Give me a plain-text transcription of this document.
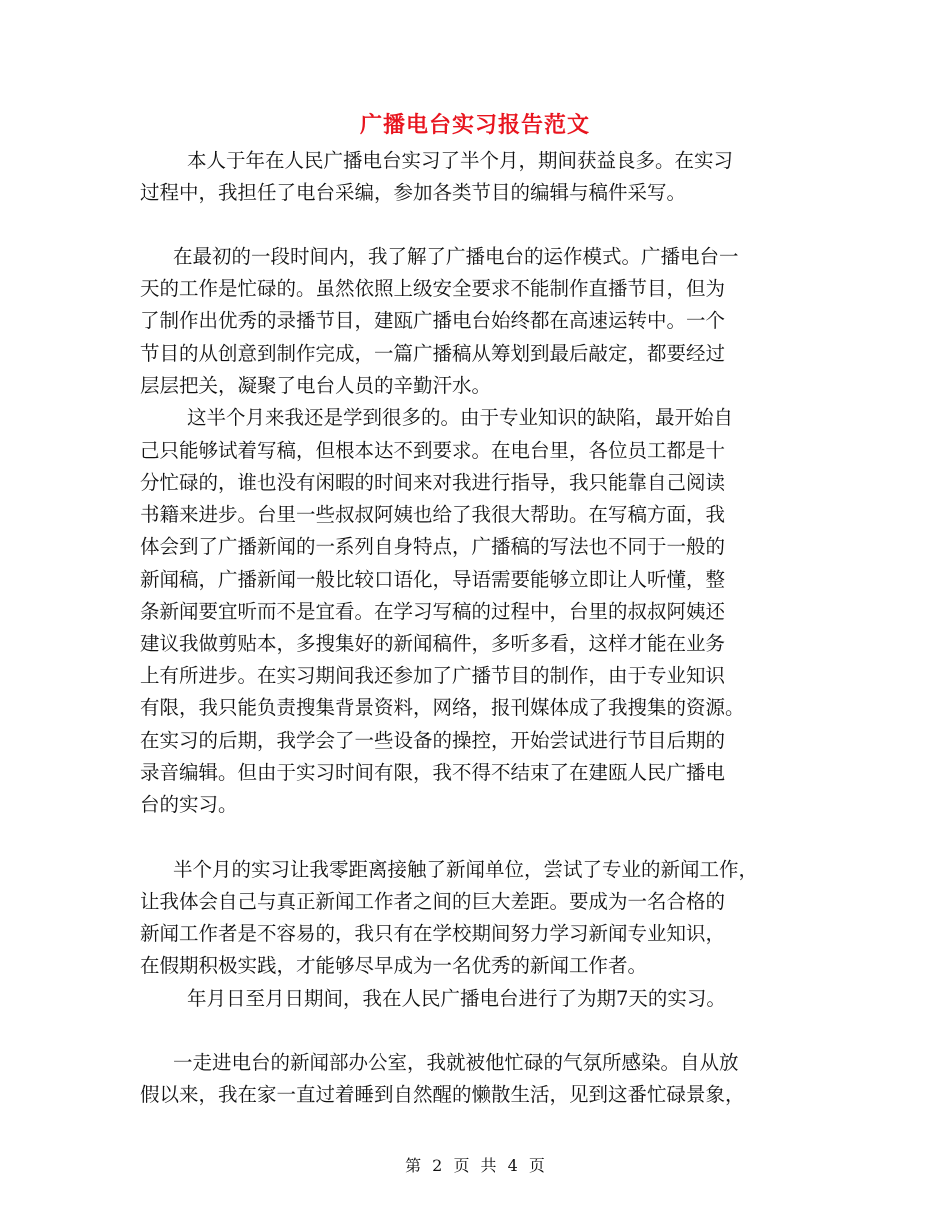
广播电台实习报告范文

本人于年在人民广播电台实习了半个月，期间获益良多。在实习

过程中，我担任了电台采编，参加各类节目的编辑与稿件采写。

在最初的一段时间内，我了解了广播电台的运作模式。广播电台一

天的工作是忙碌的。虽然依照上级安全要求不能制作直播节目，但为

了制作出优秀的录播节目，建瓯广播电台始终都在高速运转中。一个

节目的从创意到制作完成，一篇广播稿从筹划到最后敲定，都要经过

层层把关，凝聚了电台人员的辛勤汗水。

这半个月来我还是学到很多的。由于专业知识的缺陷，最开始自

己只能够试着写稿，但根本达不到要求。在电台里，各位员工都是十

分忙碌的，谁也没有闲暇的时间来对我进行指导，我只能靠自己阅读

书籍来进步。台里一些叔叔阿姨也给了我很大帮助。在写稿方面，我

体会到了广播新闻的一系列自身特点，广播稿的写法也不同于一般的

新闻稿，广播新闻一般比较口语化，导语需要能够立即让人听懂，整

条新闻要宜听而不是宜看。在学习写稿的过程中，台里的叔叔阿姨还

建议我做剪贴本，多搜集好的新闻稿件，多听多看，这样才能在业务

上有所进步。在实习期间我还参加了广播节目的制作，由于专业知识

有限，我只能负责搜集背景资料，网络，报刊媒体成了我搜集的资源。

在实习的后期，我学会了一些设备的操控，开始尝试进行节目后期的

录音编辑。但由于实习时间有限，我不得不结束了在建瓯人民广播电

台的实习。

半个月的实习让我零距离接触了新闻单位，尝试了专业的新闻工作，

让我体会自己与真正新闻工作者之间的巨大差距。要成为一名合格的

新闻工作者是不容易的，我只有在学校期间努力学习新闻专业知识，

在假期积极实践，才能够尽早成为一名优秀的新闻工作者。

年月日至月日期间，我在人民广播电台进行了为期7天的实习。

一走进电台的新闻部办公室，我就被他忙碌的气氛所感染。自从放

假以来，我在家一直过着睡到自然醒的懒散生活，见到这番忙碌景象，

第 2 页 共 4 页
